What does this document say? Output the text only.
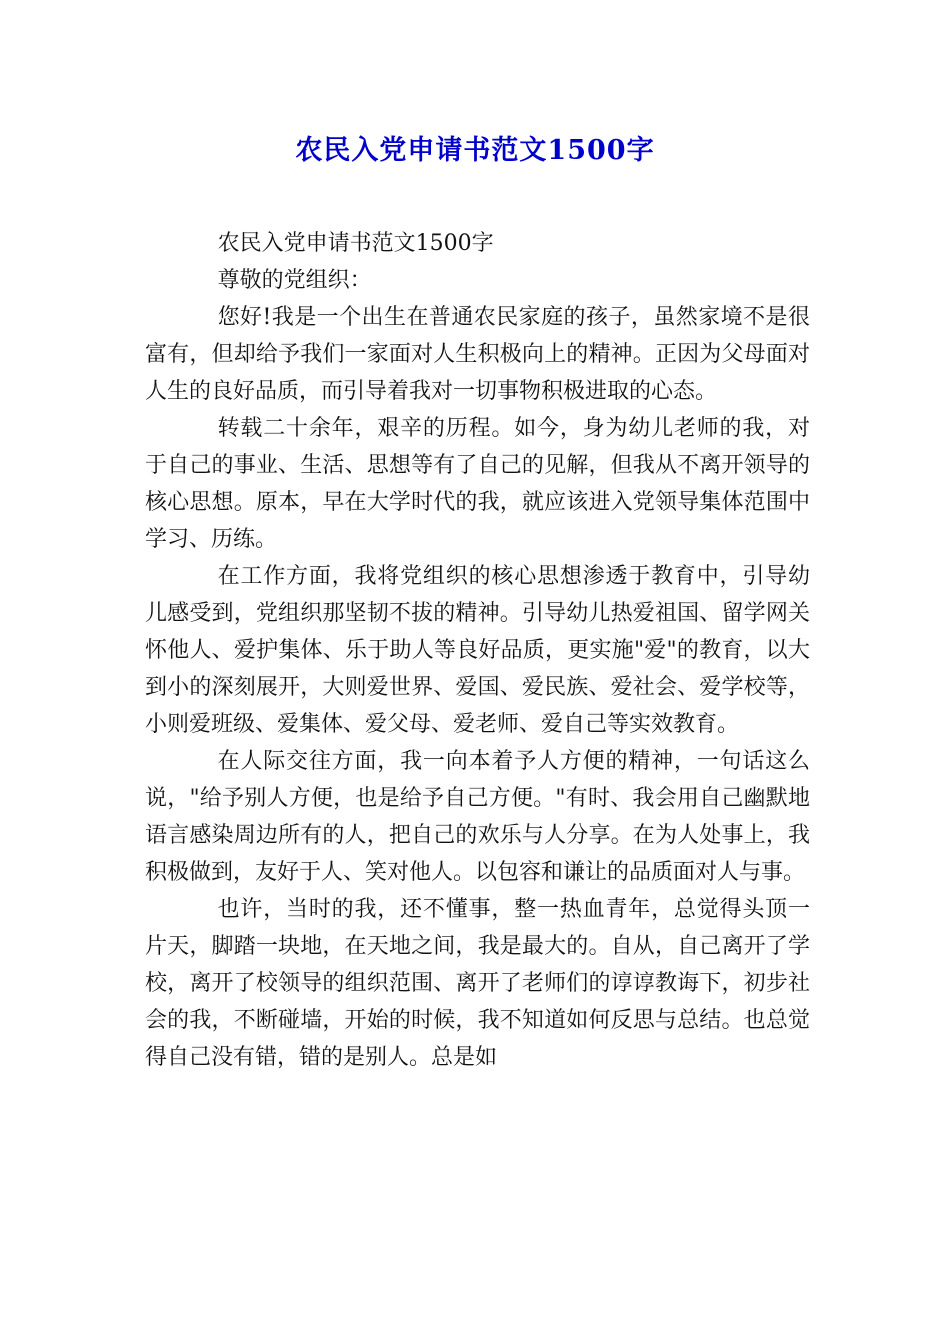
农民入党申请书范文1500字

农民入党申请书范文1500字

尊敬的党组织：

您好!我是一个出生在普通农民家庭的孩子，虽然家境不是很富有，但却给予我们一家面对人生积极向上的精神。正因为父母面对人生的良好品质，而引导着我对一切事物积极进取的心态。

转载二十余年，艰辛的历程。如今，身为幼儿老师的我，对于自己的事业、生活、思想等有了自己的见解，但我从不离开领导的核心思想。原本，早在大学时代的我，就应该进入党领导集体范围中学习、历练。

在工作方面，我将党组织的核心思想渗透于教育中，引导幼儿感受到，党组织那坚韧不拔的精神。引导幼儿热爱祖国、留学网关怀他人、爱护集体、乐于助人等良好品质，更实施"爱"的教育，以大到小的深刻展开，大则爱世界、爱国、爱民族、爱社会、爱学校等，小则爱班级、爱集体、爱父母、爱老师、爱自己等实效教育。

在人际交往方面，我一向本着予人方便的精神，一句话这么说，"给予别人方便，也是给予自己方便。"有时、我会用自己幽默地语言感染周边所有的人，把自己的欢乐与人分享。在为人处事上，我积极做到，友好于人、笑对他人。以包容和谦让的品质面对人与事。

也许，当时的我，还不懂事，整一热血青年，总觉得头顶一片天，脚踏一块地，在天地之间，我是最大的。自从，自己离开了学校，离开了校领导的组织范围、离开了老师们的谆谆教诲下，初步社会的我，不断碰墙，开始的时候，我不知道如何反思与总结。也总觉得自己没有错，错的是别人。总是如
